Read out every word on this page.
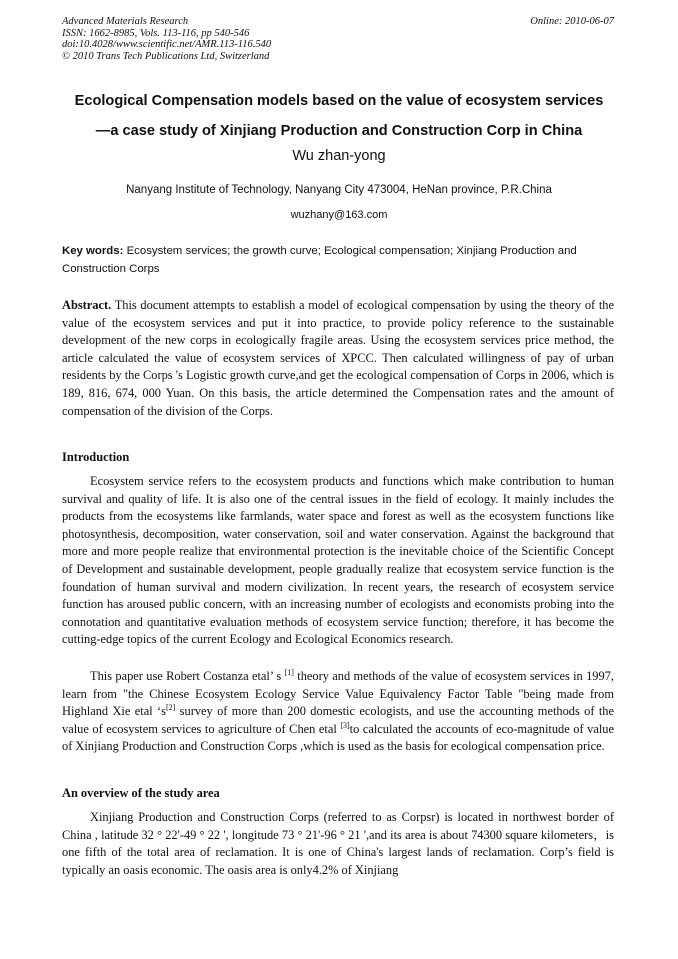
Advanced Materials Research
ISSN: 1662-8985, Vols. 113-116, pp 540-546
doi:10.4028/www.scientific.net/AMR.113-116.540
© 2010 Trans Tech Publications Ltd, Switzerland
Online: 2010-06-07
Ecological Compensation models based on the value of ecosystem services
—a case study of Xinjiang Production and Construction Corp in China
Wu zhan-yong
Nanyang Institute of Technology, Nanyang City 473004, HeNan province, P.R.China
wuzhany@163.com
Key words: Ecosystem services; the growth curve; Ecological compensation; Xinjiang Production and Construction Corps
Abstract. This document attempts to establish a model of ecological compensation by using the theory of the value of the ecosystem services and put it into practice, to provide policy reference to the sustainable development of the new corps in ecologically fragile areas. Using the ecosystem services price method, the article calculated the value of ecosystem services of XPCC. Then calculated willingness of pay of urban residents by the Corps 's Logistic growth curve,and get the ecological compensation of Corps in 2006, which is 189, 816, 674, 000 Yuan. On this basis, the article determined the Compensation rates and the amount of compensation of the division of the Corps.
Introduction
Ecosystem service refers to the ecosystem products and functions which make contribution to human survival and quality of life. It is also one of the central issues in the field of ecology. It mainly includes the products from the ecosystems like farmlands, water space and forest as well as the ecosystem functions like photosynthesis, decomposition, water conservation, soil and water conservation. Against the background that more and more people realize that environmental protection is the inevitable choice of the Scientific Concept of Development and sustainable development, people gradually realize that ecosystem service function is the foundation of human survival and modern civilization. In recent years, the research of ecosystem service function has aroused public concern, with an increasing number of ecologists and economists probing into the connotation and quantitative evaluation methods of ecosystem service function; therefore, it has become the cutting-edge topics of the current Ecology and Ecological Economics research.
This paper use Robert Costanza etal’ s [1] theory and methods of the value of ecosystem services in 1997, learn from "the Chinese Ecosystem Ecology Service Value Equivalency Factor Table "being made from Highland Xie etal ‘s[2] survey of more than 200 domestic ecologists, and use the accounting methods of the value of ecosystem services to agriculture of Chen etal [3]to calculated the accounts of eco-magnitude of value of Xinjiang Production and Construction Corps ,which is used as the basis for ecological compensation price.
An overview of the study area
Xinjiang Production and Construction Corps (referred to as Corpsr) is located in northwest border of China , latitude 32 ° 22'-49 ° 22 ', longitude 73 ° 21'-96 ° 21 ',and its area is about 74300 square kilometers，is one fifth of the total area of reclamation. It is one of China's largest lands of reclamation. Corp’s field is typically an oasis economic. The oasis area is only4.2% of Xinjiang
